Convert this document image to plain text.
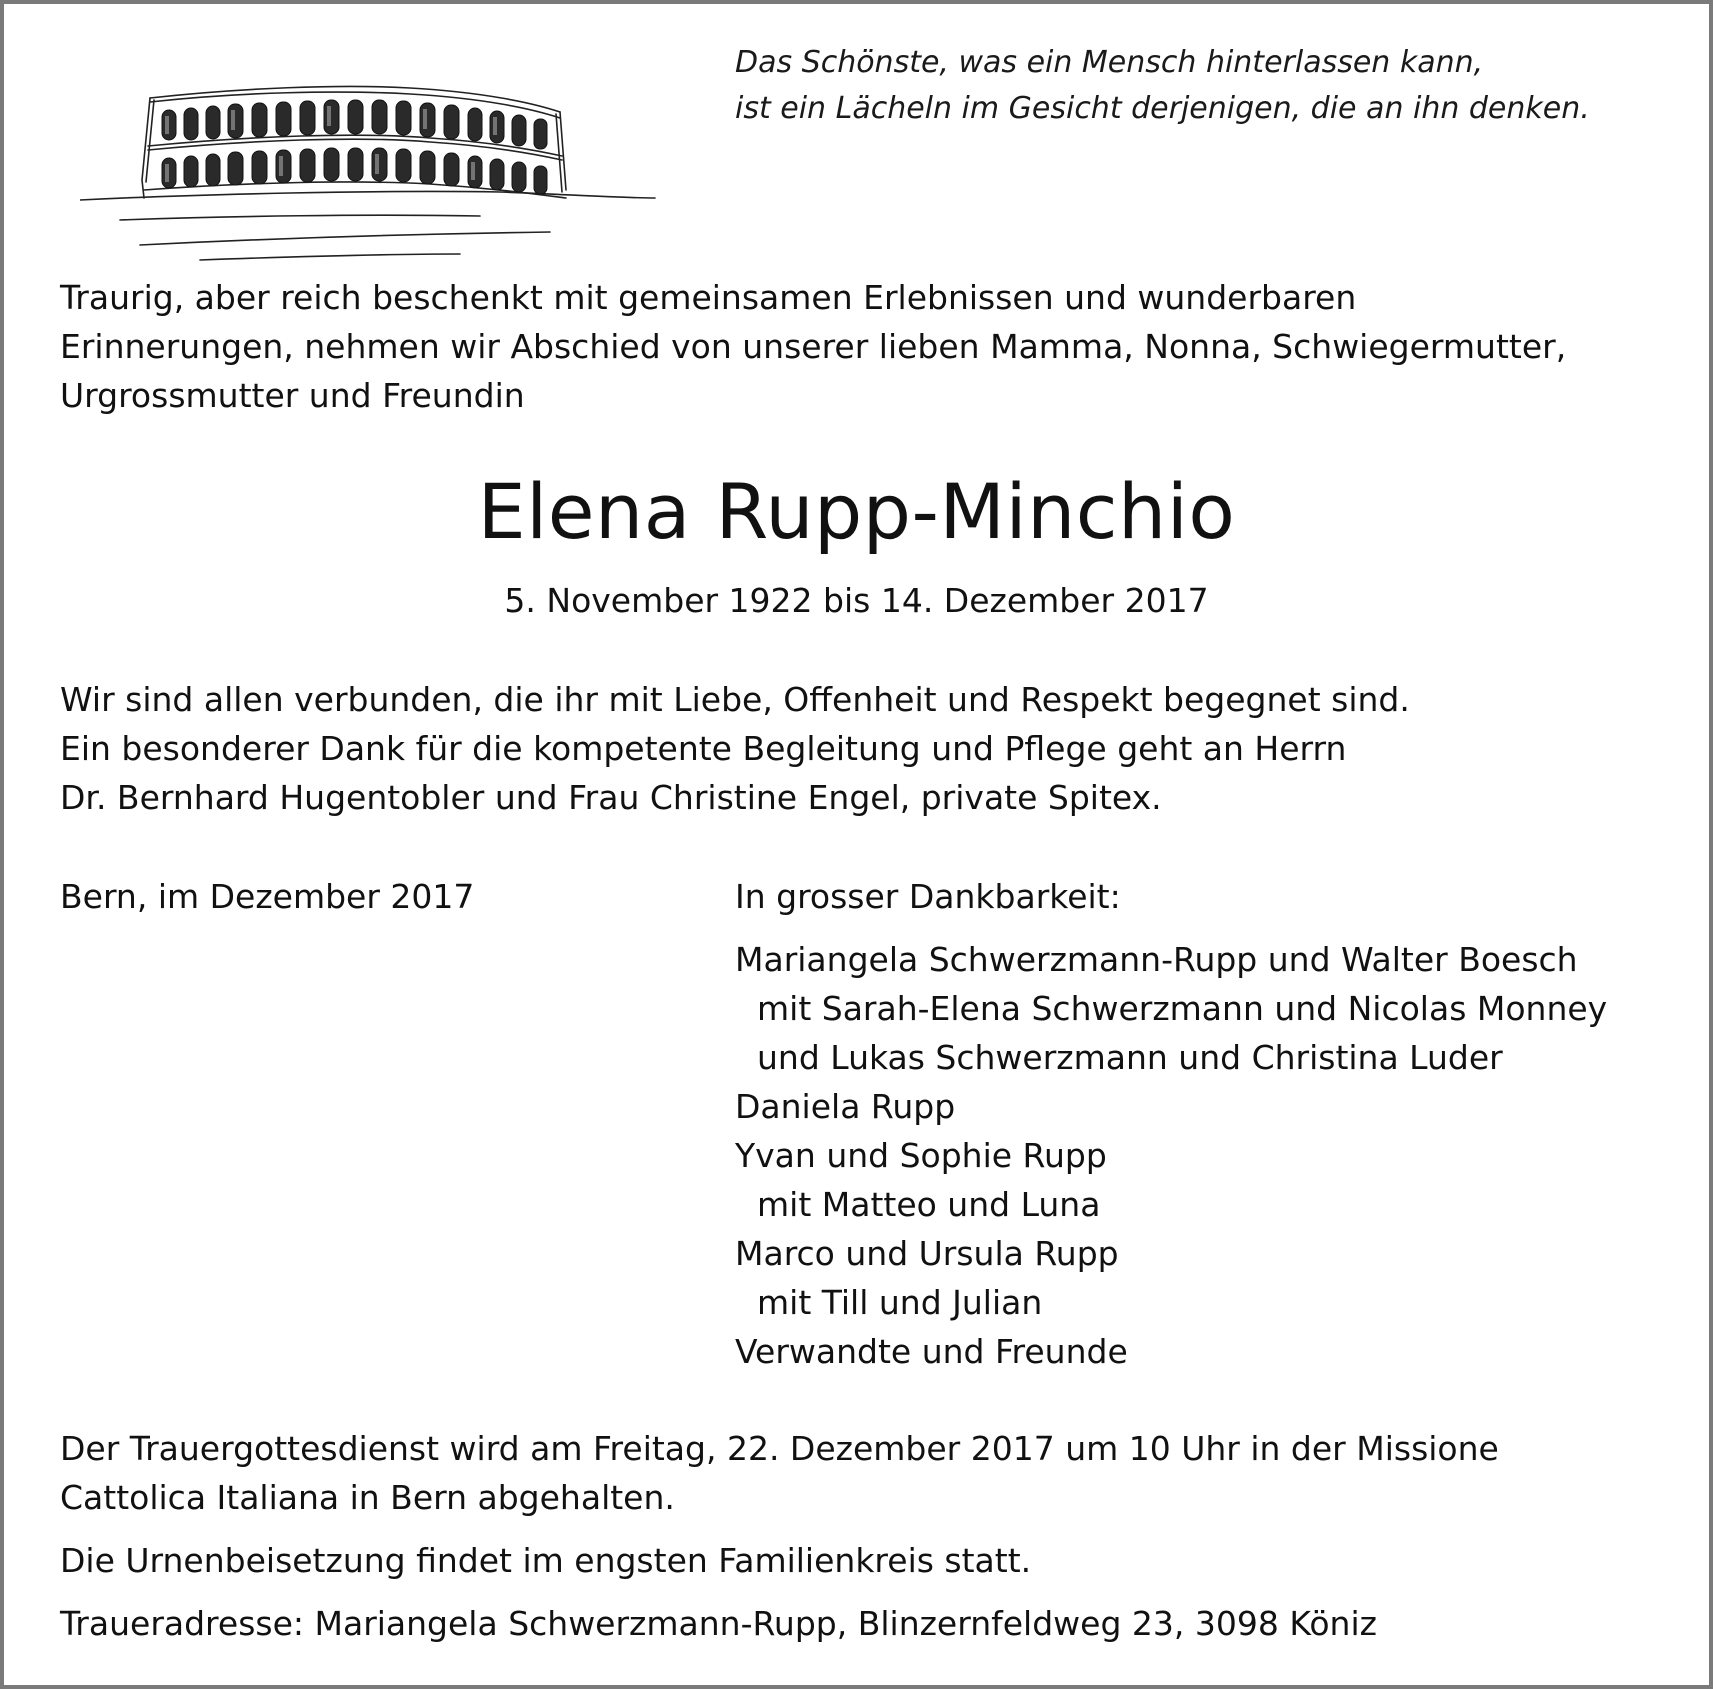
Das Schönste, was ein Mensch hinterlassen kann,
ist ein Lächeln im Gesicht derjenigen, die an ihn denken.
Traurig, aber reich beschenkt mit gemeinsamen Erlebnissen und wunderbaren
Erinnerungen, nehmen wir Abschied von unserer lieben Mamma, Nonna, Schwiegermutter,
Urgrossmutter und Freundin
Elena Rupp-Minchio
5. November 1922 bis 14. Dezember 2017
Wir sind allen verbunden, die ihr mit Liebe, Offenheit und Respekt begegnet sind.
Ein besonderer Dank für die kompetente Begleitung und Pflege geht an Herrn
Dr. Bernhard Hugentobler und Frau Christine Engel, private Spitex.
Bern, im Dezember 2017	In grosser Dankbarkeit:
Mariangela Schwerzmann-Rupp und Walter Boesch
mit Sarah-Elena Schwerzmann und Nicolas Monney
und Lukas Schwerzmann und Christina Luder
Daniela Rupp
Yvan und Sophie Rupp
mit Matteo und Luna
Marco und Ursula Rupp
mit Till und Julian
Verwandte und Freunde
Der Trauergottesdienst wird am Freitag, 22. Dezember 2017 um 10 Uhr in der Missione
Cattolica Italiana in Bern abgehalten.
Die Urnenbeisetzung findet im engsten Familienkreis statt.
Traueradresse: Mariangela Schwerzmann-Rupp, Blinzernfeldweg 23, 3098 Köniz
